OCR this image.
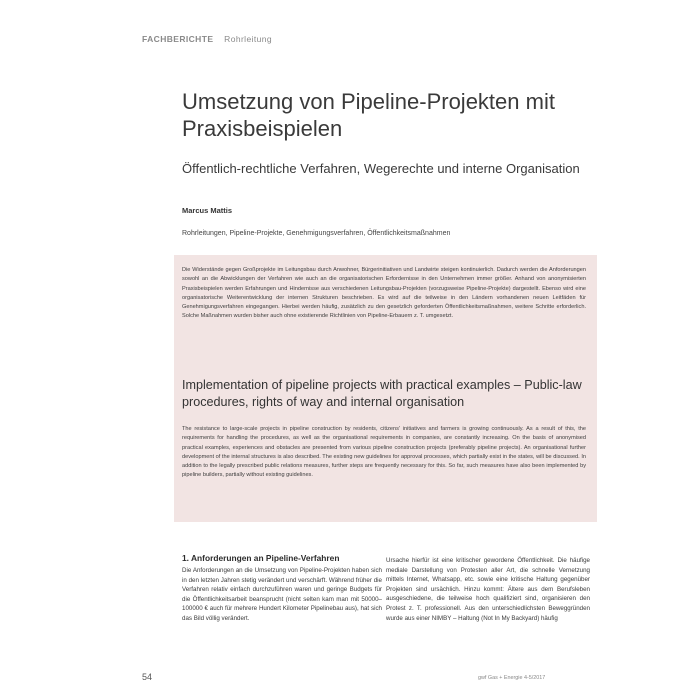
FACHBERICHTE Rohrleitung
Umsetzung von Pipeline-Projekten mit Praxisbeispielen
Öffentlich-rechtliche Verfahren, Wegerechte und interne Organisation
Marcus Mattis
Rohrleitungen, Pipeline-Projekte, Genehmigungsverfahren, Öffentlichkeitsmaßnahmen

Die Widerstände gegen Großprojekte im Leitungsbau durch Anwohner, Bürgerinitiativen und Landwirte steigen kontinuierlich. Dadurch werden die Anforderungen sowohl an die Abwicklungen der Verfahren wie auch an die organisatorischen Erfordernisse in den Unternehmen immer größer. Anhand von anonymisierten Praxisbeispielen werden Erfahrungen und Hindernisse aus verschiedenen Leitungsbau-Projekten (vorzugsweise Pipeline-Projekte) dargestellt. Ebenso wird eine organisatorische Weiterentwicklung der internen Strukturen beschrieben. Es wird auf die teilweise in den Ländern vorhandenen neuen Leitfäden für Genehmigungsverfahren eingegangen. Hierbei werden häufig, zusätzlich zu den gesetzlich geforderten Öffentlichkeitsmaßnahmen, weitere Schritte erforderlich. Solche Maßnahmen wurden bisher auch ohne existierende Richtlinien von Pipeline-Erbauern z. T. umgesetzt.

Implementation of pipeline projects with practical examples – Public-law procedures, rights of way and internal organisation

The resistance to large-scale projects in pipeline construction by residents, citizens' initiatives and farmers is growing continuously. As a result of this, the requirements for handling the procedures, as well as the organisational requirements in companies, are constantly increasing. On the basis of anonymised practical examples, experiences and obstacles are presented from various pipeline construction projects (preferably pipeline projects). An organisational further development of the internal structures is also described. The existing new guidelines for approval processes, which partially exist in the states, will be discussed. In addition to the legally prescribed public relations measures, further steps are frequently necessary for this. So far, such measures have also been implemented by pipeline builders, partially without existing guidelines.

1. Anforderungen an Pipeline-Verfahren

Die Anforderungen an die Umsetzung von Pipeline-Projekten haben sich in den letzten Jahren stetig verändert und verschärft. Während früher die Verfahren relativ einfach durchzuführen waren und geringe Budgets für die Öffentlichkeitsarbeit beansprucht (nicht selten kam man mit 50000–100000 € auch für mehrere Hundert Kilometer Pipelinebau aus), hat sich das Bild völlig verändert.

Ursache hierfür ist eine kritischer gewordene Öffentlichkeit. Die häufige mediale Darstellung von Protesten aller Art, die schnelle Vernetzung mittels Internet, Whatsapp, etc. sowie eine kritische Haltung gegenüber Projekten sind ursächlich. Hinzu kommt: Ältere aus dem Berufsleben ausgeschiedene, die teilweise hoch qualifiziert sind, organisieren den Protest z. T. professionell. Aus den unterschiedlichsten Beweggründen wurde aus einer NIMBY – Haltung (Not In My Backyard) häufig

54	gwf Gas + Energie 4-5/2017
